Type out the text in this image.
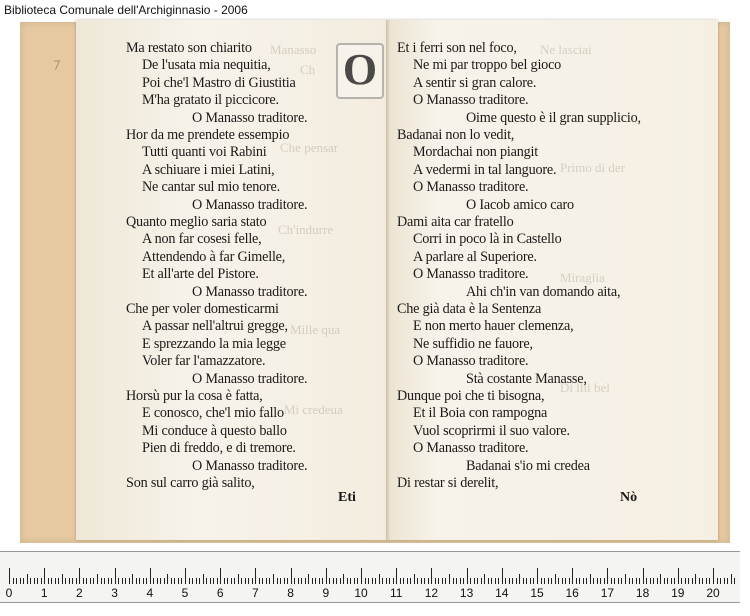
Biblioteca Comunale dell'Archiginnasio - 2006
⁊
Manasso
Ch
Che pensar
Ch'indurre
Mille qua
Mi credeua
Ne lasciai
Primo di der
Miraglia
Di llli bel
O
Ma restato son chiarito
De l'usata mia nequitia,
Poi che'l Mastro di Giustitia
M'ha gratato il piccicore.
O Manasso traditore.
Hor da me prendete essempio
Tutti quanti voi Rabini
A schiuare i miei Latini,
Ne cantar sul mio tenore.
O Manasso traditore.
Quanto meglio saria stato
A non far cosesi felle,
Attendendo à far Gimelle,
Et all'arte del Pistore.
O Manasso traditore.
Che per voler domesticarmi
A passar nell'altrui gregge,
E sprezzando la mia legge
Voler far l'amazzatore.
O Manasso traditore.
Horsù pur la cosa è fatta,
E conosco, che'l mio fallo
Mi conduce à questo ballo
Pien di freddo, e di tremore.
O Manasso traditore.
Son sul carro già salito,
Eti
Et i ferri son nel foco,
Ne mi par troppo bel gioco
A sentir si gran calore.
O Manasso traditore.
Oime questo è il gran supplicio,
Badanai non lo vedit,
Mordachai non piangit
A vedermi in tal languore.
O Manasso traditore.
O Iacob amico caro
Dami aita car fratello
Corri in poco là in Castello
A parlare al Superiore.
O Manasso traditore.
Ahi ch'in van domando aita,
Che già data è la Sentenza
E non merto hauer clemenza,
Ne suffidio ne fauore,
O Manasso traditore.
Stà costante Manasse,
Dunque poi che ti bisogna,
Et il Boia con rampogna
Vuol scoprirmi il suo valore.
O Manasso traditore.
Badanai s'io mi credea
Di restar si derelit,
Nò
0 1 2 3 4 5 6 7 8 9 10 11 12 13 14 15 16 17 18 19 20
